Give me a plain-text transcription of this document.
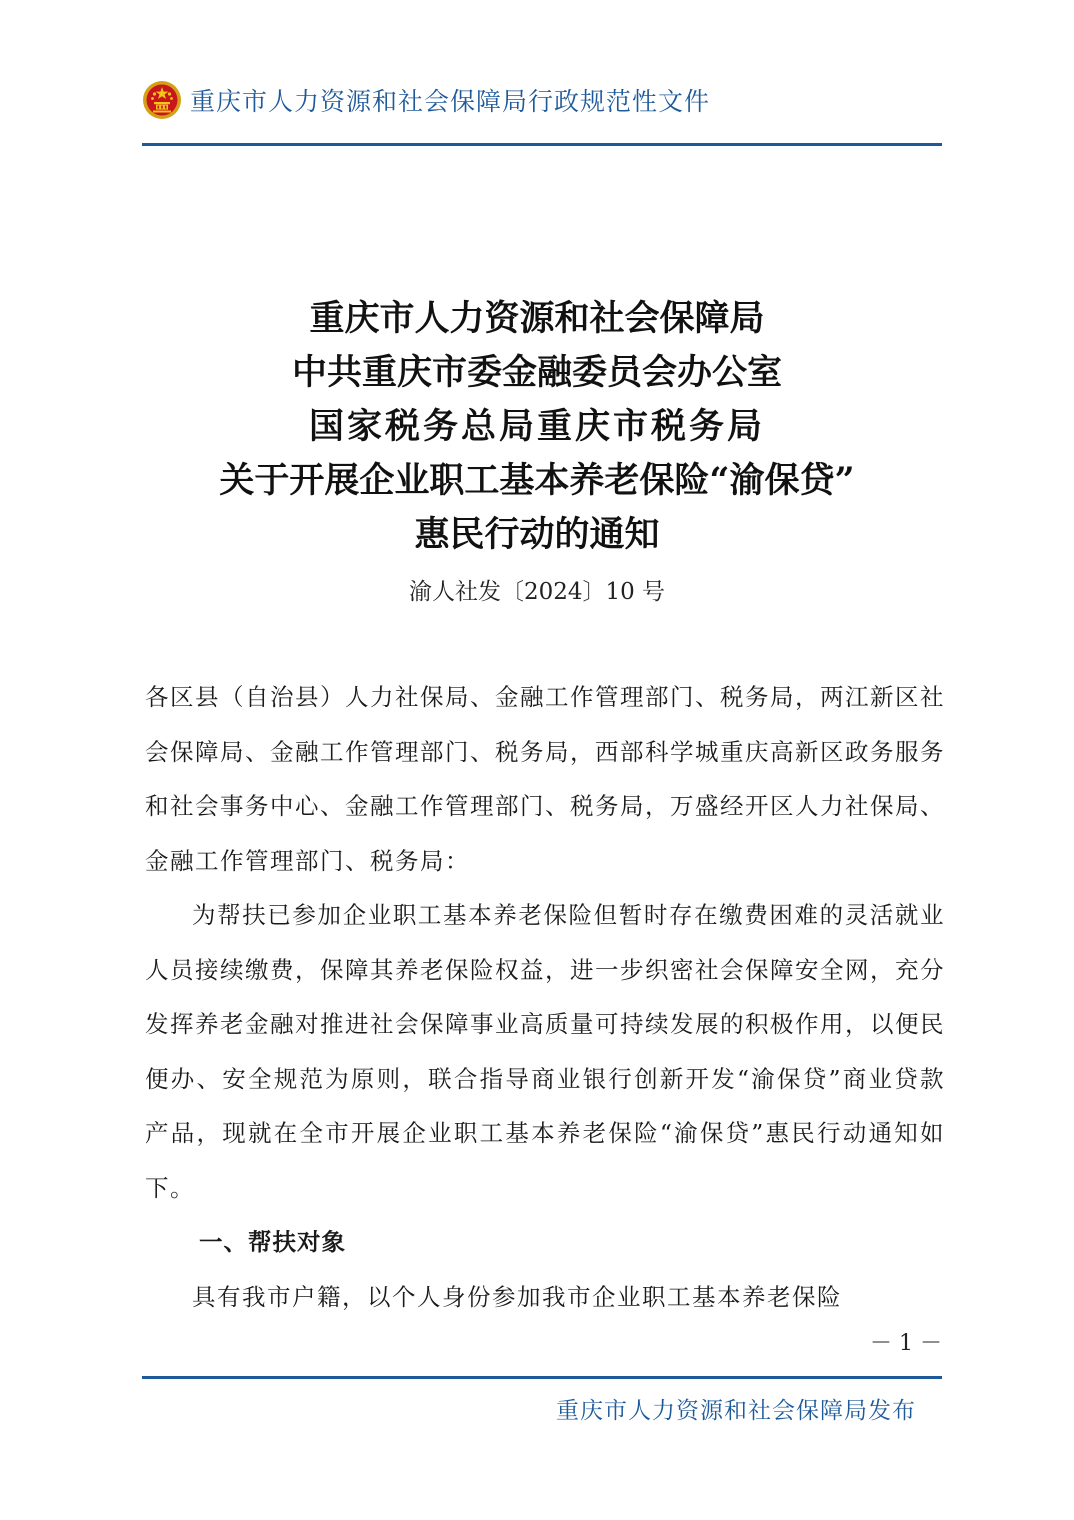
重庆市人力资源和社会保障局行政规范性文件
重庆市人力资源和社会保障局
中共重庆市委金融委员会办公室
国家税务总局重庆市税务局
关于开展企业职工基本养老保险“渝保贷”
惠民行动的通知
渝人社发〔2024〕10 号

各区县（自治县）人力社保局、金融工作管理部门、税务局，两江新区社会保障局、金融工作管理部门、税务局，西部科学城重庆高新区政务服务和社会事务中心、金融工作管理部门、税务局，万盛经开区人力社保局、金融工作管理部门、税务局：

为帮扶已参加企业职工基本养老保险但暂时存在缴费困难的灵活就业人员接续缴费，保障其养老保险权益，进一步织密社会保障安全网，充分发挥养老金融对推进社会保障事业高质量可持续发展的积极作用，以便民便办、安全规范为原则，联合指导商业银行创新开发“渝保贷”商业贷款产品，现就在全市开展企业职工基本养老保险“渝保贷”惠民行动通知如下。

一、帮扶对象

具有我市户籍，以个人身份参加我市企业职工基本养老保险

－ 1 －
重庆市人力资源和社会保障局发布
